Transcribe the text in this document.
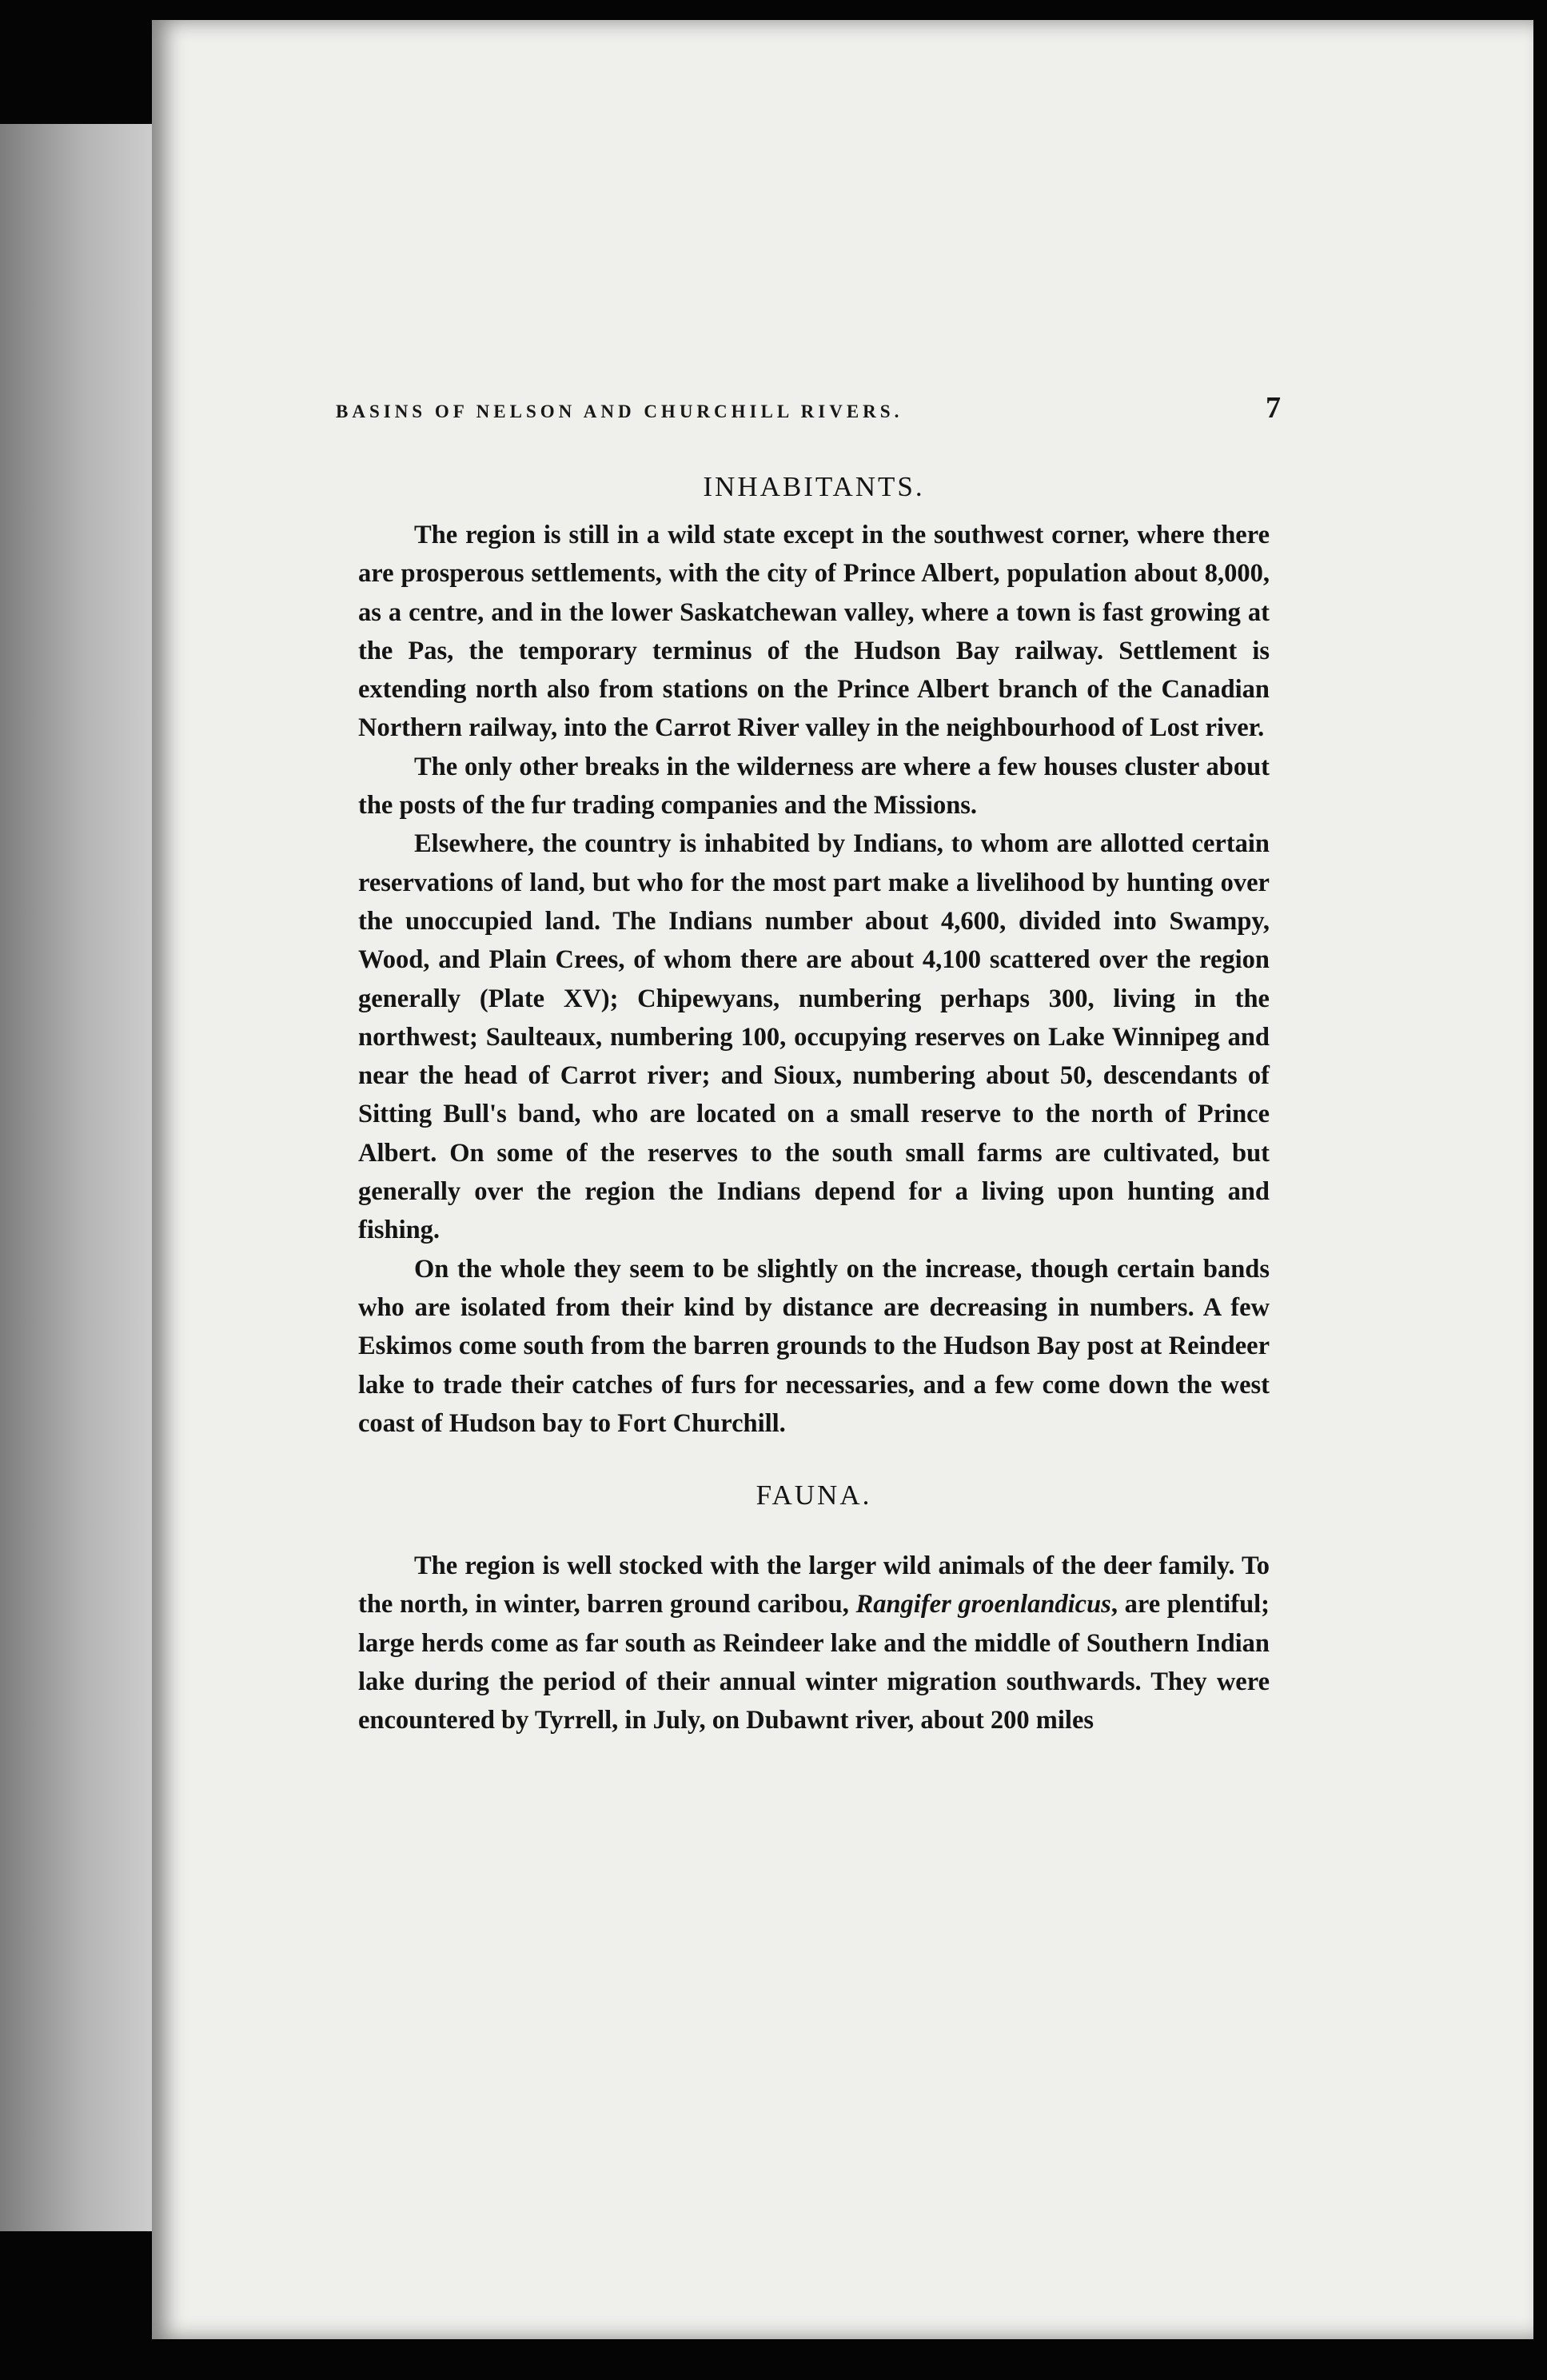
BASINS OF NELSON AND CHURCHILL RIVERS.	7
INHABITANTS.

The region is still in a wild state except in the southwest corner, where there are prosperous settlements, with the city of Prince Albert, population about 8,000, as a centre, and in the lower Saskatchewan valley, where a town is fast growing at the Pas, the temporary terminus of the Hudson Bay railway. Settlement is extending north also from stations on the Prince Albert branch of the Canadian Northern railway, into the Carrot River valley in the neighbourhood of Lost river.

The only other breaks in the wilderness are where a few houses cluster about the posts of the fur trading companies and the Missions.

Elsewhere, the country is inhabited by Indians, to whom are allotted certain reservations of land, but who for the most part make a livelihood by hunting over the unoccupied land. The Indians number about 4,600, divided into Swampy, Wood, and Plain Crees, of whom there are about 4,100 scattered over the region generally (Plate XV); Chipewyans, numbering perhaps 300, living in the northwest; Saulteaux, numbering 100, occupying reserves on Lake Winnipeg and near the head of Carrot river; and Sioux, numbering about 50, descendants of Sitting Bull's band, who are located on a small reserve to the north of Prince Albert. On some of the reserves to the south small farms are cultivated, but generally over the region the Indians depend for a living upon hunting and fishing.

On the whole they seem to be slightly on the increase, though certain bands who are isolated from their kind by distance are decreasing in numbers. A few Eskimos come south from the barren grounds to the Hudson Bay post at Reindeer lake to trade their catches of furs for necessaries, and a few come down the west coast of Hudson bay to Fort Churchill.

FAUNA.

The region is well stocked with the larger wild animals of the deer family. To the north, in winter, barren ground caribou, Rangifer groenlandicus, are plentiful; large herds come as far south as Reindeer lake and the middle of Southern Indian lake during the period of their annual winter migration southwards. They were encountered by Tyrrell, in July, on Dubawnt river, about 200 miles
